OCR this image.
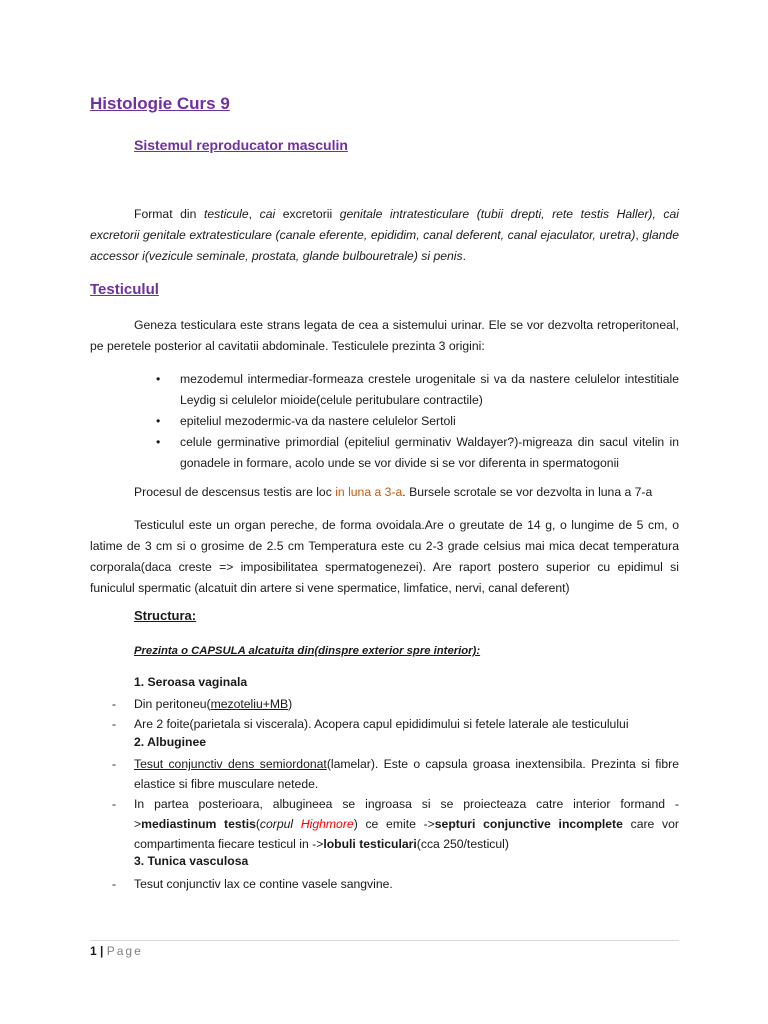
Histologie Curs 9
Sistemul reproducator masculin
Format din testicule, cai excretorii genitale intratesticulare (tubii drepti, rete testis Haller), cai excretorii genitale extratesticulare (canale eferente, epididim, canal deferent, canal ejaculator, uretra), glande accessor i(vezicule seminale, prostata, glande bulbouretrale) si penis.
Testiculul
Geneza testiculara este strans legata de cea a sistemului urinar. Ele se vor dezvolta retroperitoneal, pe peretele posterior al cavitatii abdominale. Testiculele prezinta 3 origini:
• mezodemul intermediar-formeaza crestele urogenitale si va da nastere celulelor intestitiale Leydig si celulelor mioide(celule peritubulare contractile)
• epiteliul mezodermic-va da nastere celulelor Sertoli
• celule germinative primordial (epiteliul germinativ Waldayer?)-migreaza din sacul vitelin in gonadele in formare, acolo unde se vor divide si se vor diferenta in spermatogonii
Procesul de descensus testis are loc in luna a 3-a. Bursele scrotale se vor dezvolta in luna a 7-a
Testiculul este un organ pereche, de forma ovoidala.Are o greutate de 14 g, o lungime de 5 cm, o latime de 3 cm si o grosime de 2.5 cm Temperatura este cu 2-3 grade celsius mai mica decat temperatura corporala(daca creste => imposibilitatea spermatogenezei). Are raport postero superior cu epidimul si funiculul spermatic (alcatuit din artere si vene spermatice, limfatice, nervi, canal deferent)
Structura:
Prezinta o CAPSULA alcatuita din(dinspre exterior spre interior):
1. Seroasa vaginala
- Din peritoneu(mezoteliu+MB)
- Are 2 foite(parietala si viscerala). Acopera capul epididimului si fetele laterale ale testiculului
2. Albuginee
- Tesut conjunctiv dens semiordonat(lamelar). Este o capsula groasa inextensibila. Prezinta si fibre elastice si fibre musculare netede.
- In partea posterioara, albugineea se ingroasa si se proiecteaza catre interior formand ->mediastinum testis(corpul Highmore) ce emite ->septuri conjunctive incomplete care vor compartimenta fiecare testicul in ->lobuli testiculari(cca 250/testicul)
3. Tunica vasculosa
- Tesut conjunctiv lax ce contine vasele sangvine.
1 | Page
